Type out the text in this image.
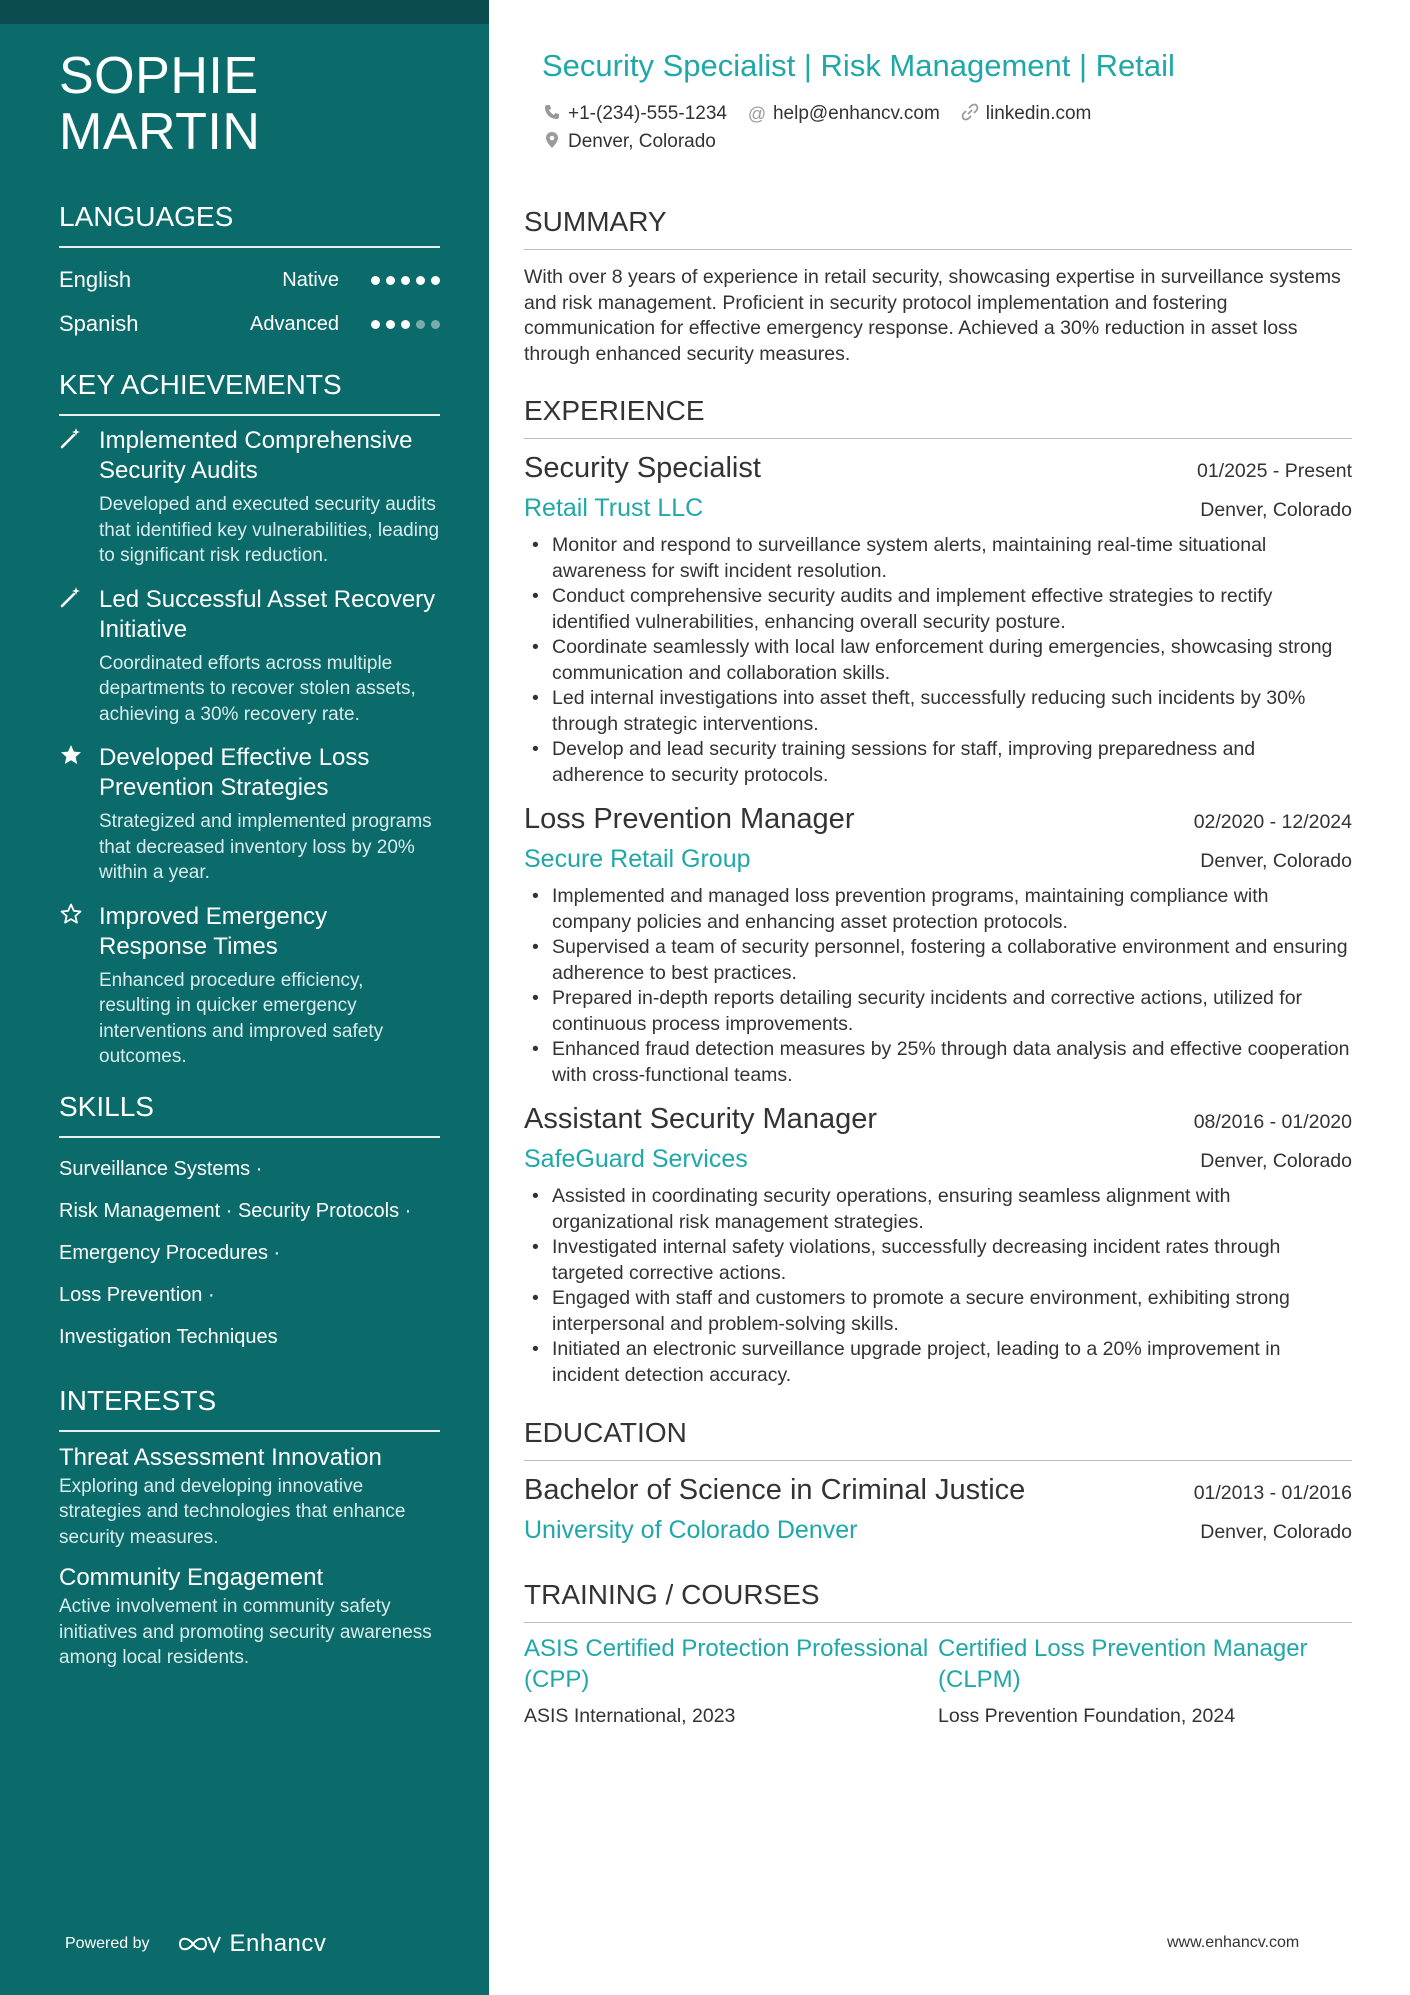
SOPHIE
MARTIN
LANGUAGES
English	Native
Spanish	Advanced
KEY ACHIEVEMENTS
Implemented Comprehensive Security Audits
Developed and executed security audits that identified key vulnerabilities, leading to significant risk reduction.
Led Successful Asset Recovery Initiative
Coordinated efforts across multiple departments to recover stolen assets, achieving a 30% recovery rate.
Developed Effective Loss Prevention Strategies
Strategized and implemented programs that decreased inventory loss by 20% within a year.
Improved Emergency Response Times
Enhanced procedure efficiency, resulting in quicker emergency interventions and improved safety outcomes.
SKILLS
Surveillance Systems ·
Risk Management · Security Protocols ·
Emergency Procedures ·
Loss Prevention ·
Investigation Techniques
INTERESTS
Threat Assessment Innovation
Exploring and developing innovative strategies and technologies that enhance security measures.
Community Engagement
Active involvement in community safety initiatives and promoting security awareness among local residents.
Powered by	Enhancv
Security Specialist | Risk Management | Retail
+1-(234)-555-1234 @ help@enhancv.com linkedin.com
Denver, Colorado
SUMMARY
With over 8 years of experience in retail security, showcasing expertise in surveillance systems and risk management. Proficient in security protocol implementation and fostering communication for effective emergency response. Achieved a 30% reduction in asset loss through enhanced security measures.
EXPERIENCE
Security Specialist	01/2025 - Present
Retail Trust LLC	Denver, Colorado
• Monitor and respond to surveillance system alerts, maintaining real-time situational awareness for swift incident resolution.
• Conduct comprehensive security audits and implement effective strategies to rectify identified vulnerabilities, enhancing overall security posture.
• Coordinate seamlessly with local law enforcement during emergencies, showcasing strong communication and collaboration skills.
• Led internal investigations into asset theft, successfully reducing such incidents by 30% through strategic interventions.
• Develop and lead security training sessions for staff, improving preparedness and adherence to security protocols.
Loss Prevention Manager	02/2020 - 12/2024
Secure Retail Group	Denver, Colorado
• Implemented and managed loss prevention programs, maintaining compliance with company policies and enhancing asset protection protocols.
• Supervised a team of security personnel, fostering a collaborative environment and ensuring adherence to best practices.
• Prepared in-depth reports detailing security incidents and corrective actions, utilized for continuous process improvements.
• Enhanced fraud detection measures by 25% through data analysis and effective cooperation with cross-functional teams.
Assistant Security Manager	08/2016 - 01/2020
SafeGuard Services	Denver, Colorado
• Assisted in coordinating security operations, ensuring seamless alignment with organizational risk management strategies.
• Investigated internal safety violations, successfully decreasing incident rates through targeted corrective actions.
• Engaged with staff and customers to promote a secure environment, exhibiting strong interpersonal and problem-solving skills.
• Initiated an electronic surveillance upgrade project, leading to a 20% improvement in incident detection accuracy.
EDUCATION
Bachelor of Science in Criminal Justice	01/2013 - 01/2016
University of Colorado Denver	Denver, Colorado
TRAINING / COURSES
ASIS Certified Protection Professional (CPP)
ASIS International, 2023
Certified Loss Prevention Manager (CLPM)
Loss Prevention Foundation, 2024
www.enhancv.com
